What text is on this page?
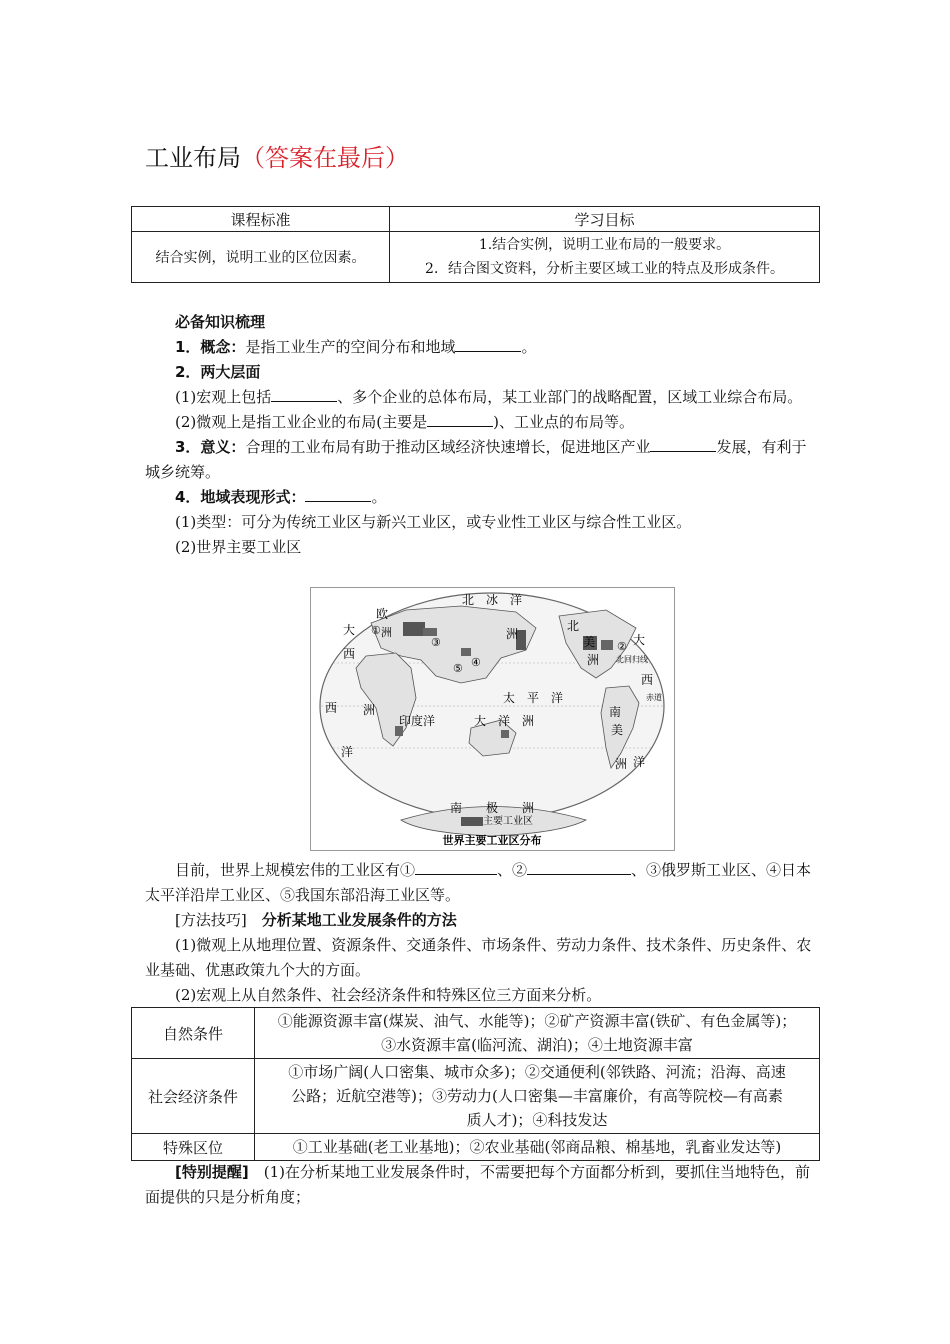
工业布局（答案在最后）
课程标准	学习目标
结合实例，说明工业的区位因素。	1.结合实例，说明工业布局的一般要求。
2．结合图文资料，分析主要区域工业的特点及形成条件。
必备知识梳理
1．概念：是指工业生产的空间分布和地域	。
2．两大层面
(1)宏观上包括	、多个企业的总体布局，某工业部门的战略配置，区域工业综合布局。
(2)微观上是指工业企业的布局(主要是	)、工业点的布局等。
3．意义：合理的工业布局有助于推动区域经济快速增长，促进地区产业	发展，有利于城乡统筹。
4．地域表现形式：	。
(1)类型：可分为传统工业区与新兴工业区，或专业性工业区与综合性工业区。
(2)世界主要工业区
北　冰　洋
欧
洲	洲
大
西
洋
西 洲
印度洋
太　平　洋
大　洋　洲
北
美
洲 北回归线
赤道
南
美
洲
大
西
洋
南　　极　　洲
①
②
③
④
⑤
主要工业区
世界主要工业区分布
目前，世界上规模宏伟的工业区有①	、②	、③俄罗斯工业区、④日本太平洋沿岸工业区、⑤我国东部沿海工业区等。
[方法技巧]　 分析某地工业发展条件的方法
(1)微观上从地理位置、资源条件、交通条件、市场条件、劳动力条件、技术条件、历史条件、农业基础、优惠政策九个大的方面。
(2)宏观上从自然条件、社会经济条件和特殊区位三方面来分析。
自然条件	①能源资源丰富(煤炭、油气、水能等)；②矿产资源丰富(铁矿、有色金属等)；
③水资源丰富(临河流、湖泊)；④土地资源丰富

社会经济条件	①市场广阔(人口密集、城市众多)；②交通便利(邻铁路、河流；沿海、高速
公路；近航空港等)；③劳动力(人口密集—丰富廉价，有高等院校—有高素
质人才)；④科技发达

特殊区位	①工业基础(老工业基地)；②农业基础(邻商品粮、棉基地，乳畜业发达等)
[特别提醒]　 (1)在分析某地工业发展条件时，不需要把每个方面都分析到，要抓住当地特色，前面提供的只是分析角度；
